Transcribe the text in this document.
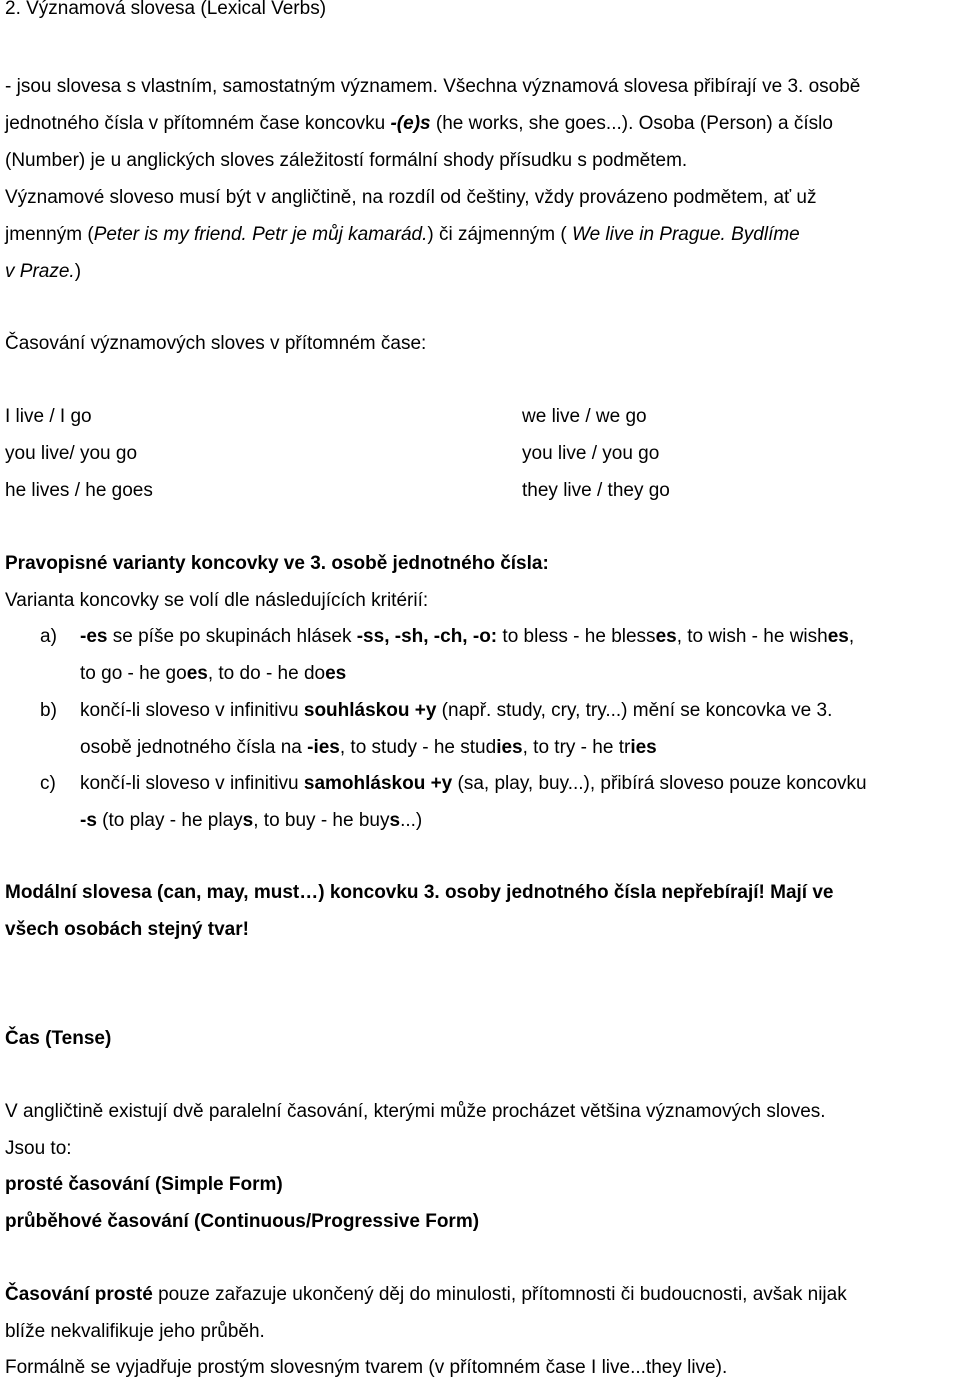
2. Významová slovesa (Lexical Verbs)
- jsou slovesa s vlastním, samostatným významem. Všechna významová slovesa přibírají ve 3. osobě
jednotného čísla v přítomném čase koncovku -(e)s (he works, she goes...). Osoba (Person) a číslo
(Number) je u anglických sloves záležitostí formální shody přísudku s podmětem.
Významové sloveso musí být v angličtině, na rozdíl od češtiny, vždy provázeno podmětem, ať už
jmenným (Peter is my friend. Petr je můj kamarád.) či zájmenným ( We live in Prague. Bydlíme
v Praze.)
Časování významových sloves v přítomném čase:
I live / I go
you live/ you go
he lives / he goes
we live / we go
you live / you go
they live / they go
Pravopisné varianty koncovky ve 3. osobě jednotného čísla:
Varianta koncovky se volí dle následujících kritérií:
a) -es se píše po skupinách hlásek -ss, -sh, -ch, -o: to bless - he blesses, to wish - he wishes,
to go - he goes, to do - he does
b) končí-li sloveso v infinitivu souhláskou +y (např. study, cry, try...) mění se koncovka ve 3.
osobě jednotného čísla na -ies, to study - he studies, to try - he tries
c) končí-li sloveso v infinitivu samohláskou +y (sa, play, buy...), přibírá sloveso pouze koncovku
-s (to play - he plays, to buy - he buys...)
Modální slovesa (can, may, must…) koncovku 3. osoby jednotného čísla nepřebírají! Mají ve
všech osobách stejný tvar!
Čas (Tense)
V angličtině existují dvě paralelní časování, kterými může procházet většina významových sloves.
Jsou to:
prosté časování (Simple Form)
průběhové časování (Continuous/Progressive Form)
Časování prosté pouze zařazuje ukončený děj do minulosti, přítomnosti či budoucnosti, avšak nijak
blíže nekvalifikuje jeho průběh.
Formálně se vyjadřuje prostým slovesným tvarem (v přítomném čase I live...they live).
